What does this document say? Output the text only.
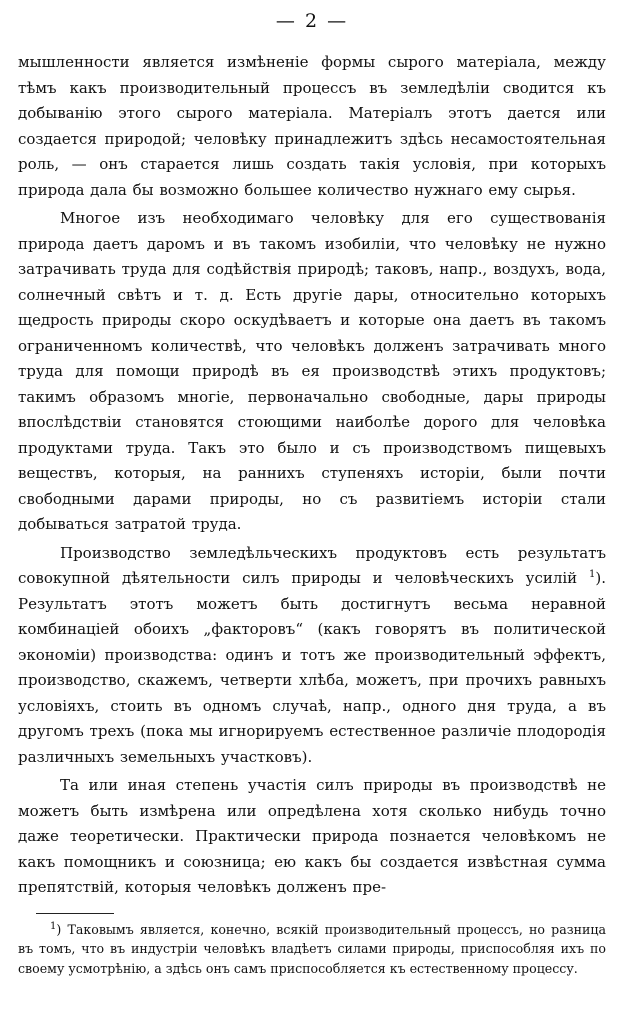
— 2 —

мышленности является измѣненіе формы сырого матеріала, между тѣмъ какъ производительный процессъ въ земледѣліи сводится къ добыванію этого сырого матеріала. Матеріалъ этотъ дается или создается природой; человѣку принадлежитъ здѣсь несамостоятельная роль, — онъ старается лишь создать такія условія, при которыхъ природа дала бы возможно большее количество нужнаго ему сырья.

Многое изъ необходимаго человѣку для его существованія природа даетъ даромъ и въ такомъ изобиліи, что человѣку не нужно затрачивать труда для содѣйствія природѣ; таковъ, напр., воздухъ, вода, солнечный свѣтъ и т. д. Есть другіе дары, относительно которыхъ щедрость природы скоро оскудѣваетъ и которые она даетъ въ такомъ ограниченномъ количествѣ, что человѣкъ долженъ затрачивать много труда для помощи природѣ въ ея производствѣ этихъ продуктовъ; такимъ образомъ многіе, первоначально свободные, дары природы впослѣдствіи становятся стоющими наиболѣе дорого для человѣка продуктами труда. Такъ это было и съ производствомъ пищевыхъ веществъ, которыя, на раннихъ ступеняхъ исторіи, были почти свободными дарами природы, но съ развитіемъ исторіи стали добываться затратой труда.

Производство земледѣльческихъ продуктовъ есть результатъ совокупной дѣятельности силъ природы и человѣческихъ усилій $^1$). Результатъ этотъ можетъ быть достигнутъ весьма неравной комбинаціей обоихъ „факторовъ“ (какъ говорятъ въ политической экономіи) производства: одинъ и тотъ же производительный эффектъ, производство, скажемъ, четверти хлѣба, можетъ, при прочихъ равныхъ условіяхъ, стоить въ одномъ случаѣ, напр., одного дня труда, а въ другомъ трехъ (пока мы игнорируемъ естественное различіе плодородія различныхъ земельныхъ участковъ).

Та или иная степень участія силъ природы въ производствѣ не можетъ быть измѣрена или опредѣлена хотя сколько нибудь точно даже теоретически. Практически природа познается человѣкомъ не какъ помощникъ и союзница; ею какъ бы создается извѣстная сумма препятствій, которыя человѣкъ долженъ пре-

$^1$) Таковымъ является, конечно, всякій производительный процессъ, но разница въ томъ, что въ индустріи человѣкъ владѣетъ силами природы, приспособляя ихъ по своему усмотрѣнію, а здѣсь онъ самъ приспособляется къ естественному процессу.
